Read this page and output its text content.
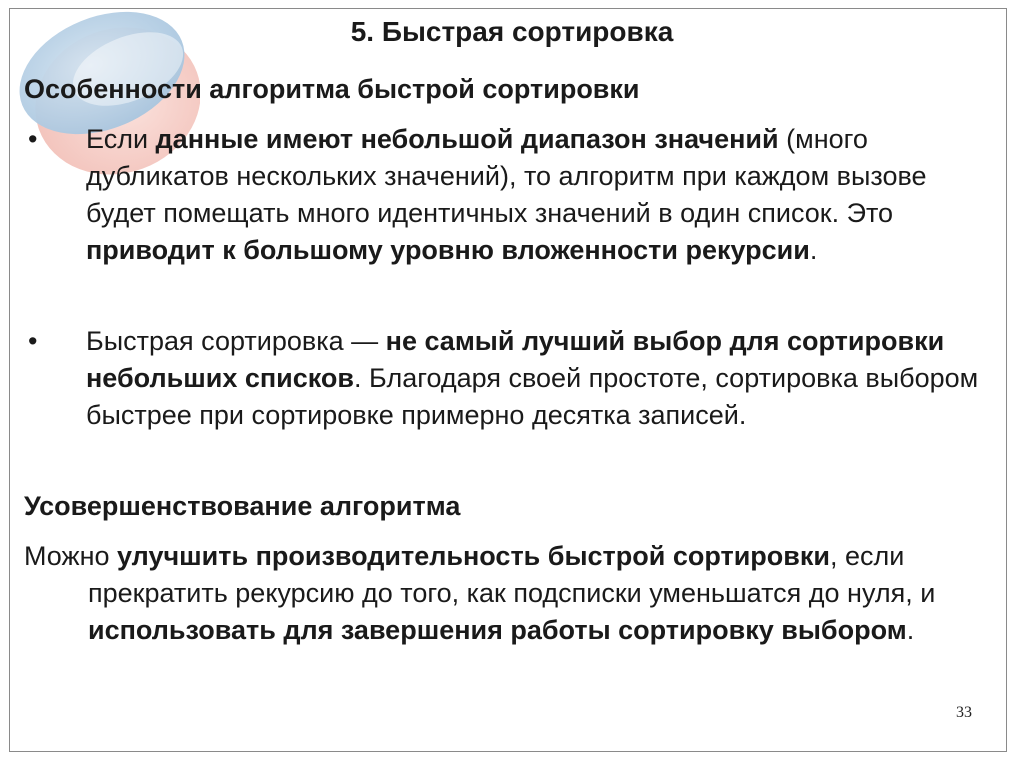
5. Быстрая сортировка
Особенности алгоритма быстрой сортировки
• Если данные имеют небольшой диапазон значений (много дубликатов нескольких значений), то алгоритм при каждом вызове будет помещать много идентичных значений в один список. Это приводит к большому уровню вложенности рекурсии.
• Быстрая сортировка — не самый лучший выбор для сортировки небольших списков. Благодаря своей простоте, сортировка выбором быстрее при сортировке примерно десятка записей.
Усовершенствование алгоритма
Можно улучшить производительность быстрой сортировки, если прекратить рекурсию до того, как подсписки уменьшатся до нуля, и использовать для завершения работы сортировку выбором.
33
